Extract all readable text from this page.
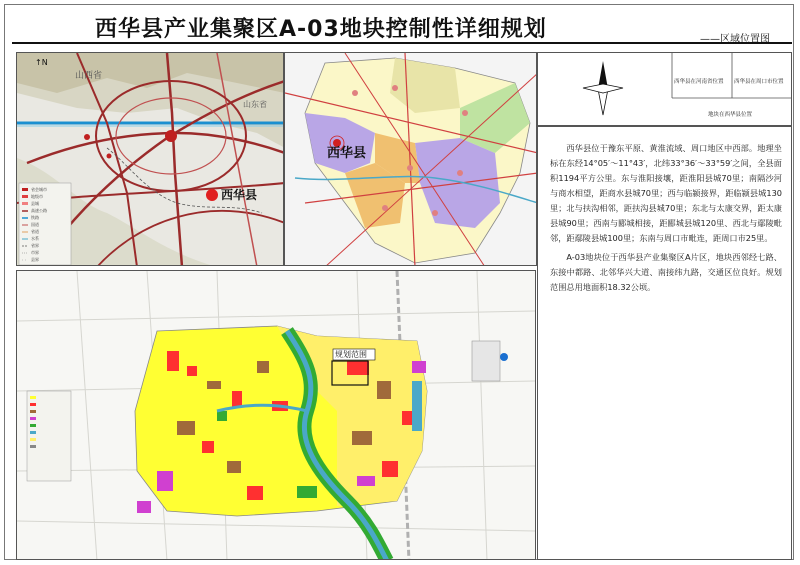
西华县产业集聚区A-03地块控制性详细规划	——区域位置图
山西省
山东省
西华县
↑N
省会城市
地级市
县城
高速公路
铁路
国道
省道
水系
省界
市界
县界
西华县
西华县在河南省位置 西华县在周口市位置
地块在西华县位置

西华县位于豫东平原、黄淮流域、周口地区中西部。地理坐标在东经14°05′～11°43′，北纬33°36′～33°59′之间，全县面积1194平方公里。东与淮阳接壤，距淮阳县城70里；南隔沙河与商水相望，距商水县城70里；西与临颍接界，距临颍县城130里；北与扶沟相邻，距扶沟县城70里；东北与太康交界，距太康县城90里；西南与郾城相接，距郾城县城120里、西北与鄢陵毗邻，距鄢陵县城100里；东南与周口市毗连，距周口市25里。

A-03地块位于西华县产业集聚区A片区，地块西邻经七路、东接中都路、北邻华兴大道、南接纬九路，交通区位良好。规划范围总用地面积18.32公顷。

规划范围
